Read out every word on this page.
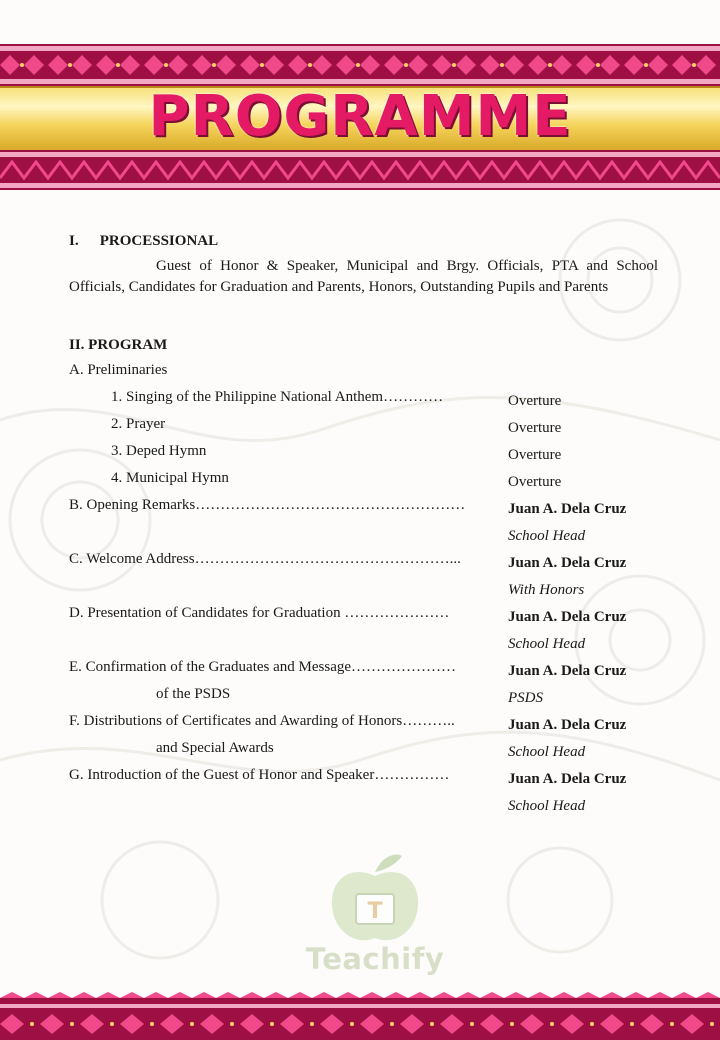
PROGRAMME
I. PROCESSIONAL

Guest of Honor & Speaker, Municipal and Brgy. Officials, PTA and School Officials, Candidates for Graduation and Parents, Honors, Outstanding Pupils and Parents

II. PROGRAM
A. Preliminaries
1. Singing of the Philippine National Anthem…………	Overture
2. Prayer	Overture
3. Deped Hymn	Overture
4. Municipal Hymn	Overture
B. Opening Remarks………………………………………………	Juan A. Dela Cruz
School Head
C. Welcome Address……………………………………………...	Juan A. Dela Cruz
With Honors
D. Presentation of Candidates for Graduation …………………	Juan A. Dela Cruz
School Head
E. Confirmation of the Graduates and Message…………………	Juan A. Dela Cruz
of the PSDS	PSDS
F. Distributions of Certificates and Awarding of Honors………..	Juan A. Dela Cruz
and Special Awards	School Head
G. Introduction of the Guest of Honor and Speaker……………	Juan A. Dela Cruz
School Head
T
Teachify
